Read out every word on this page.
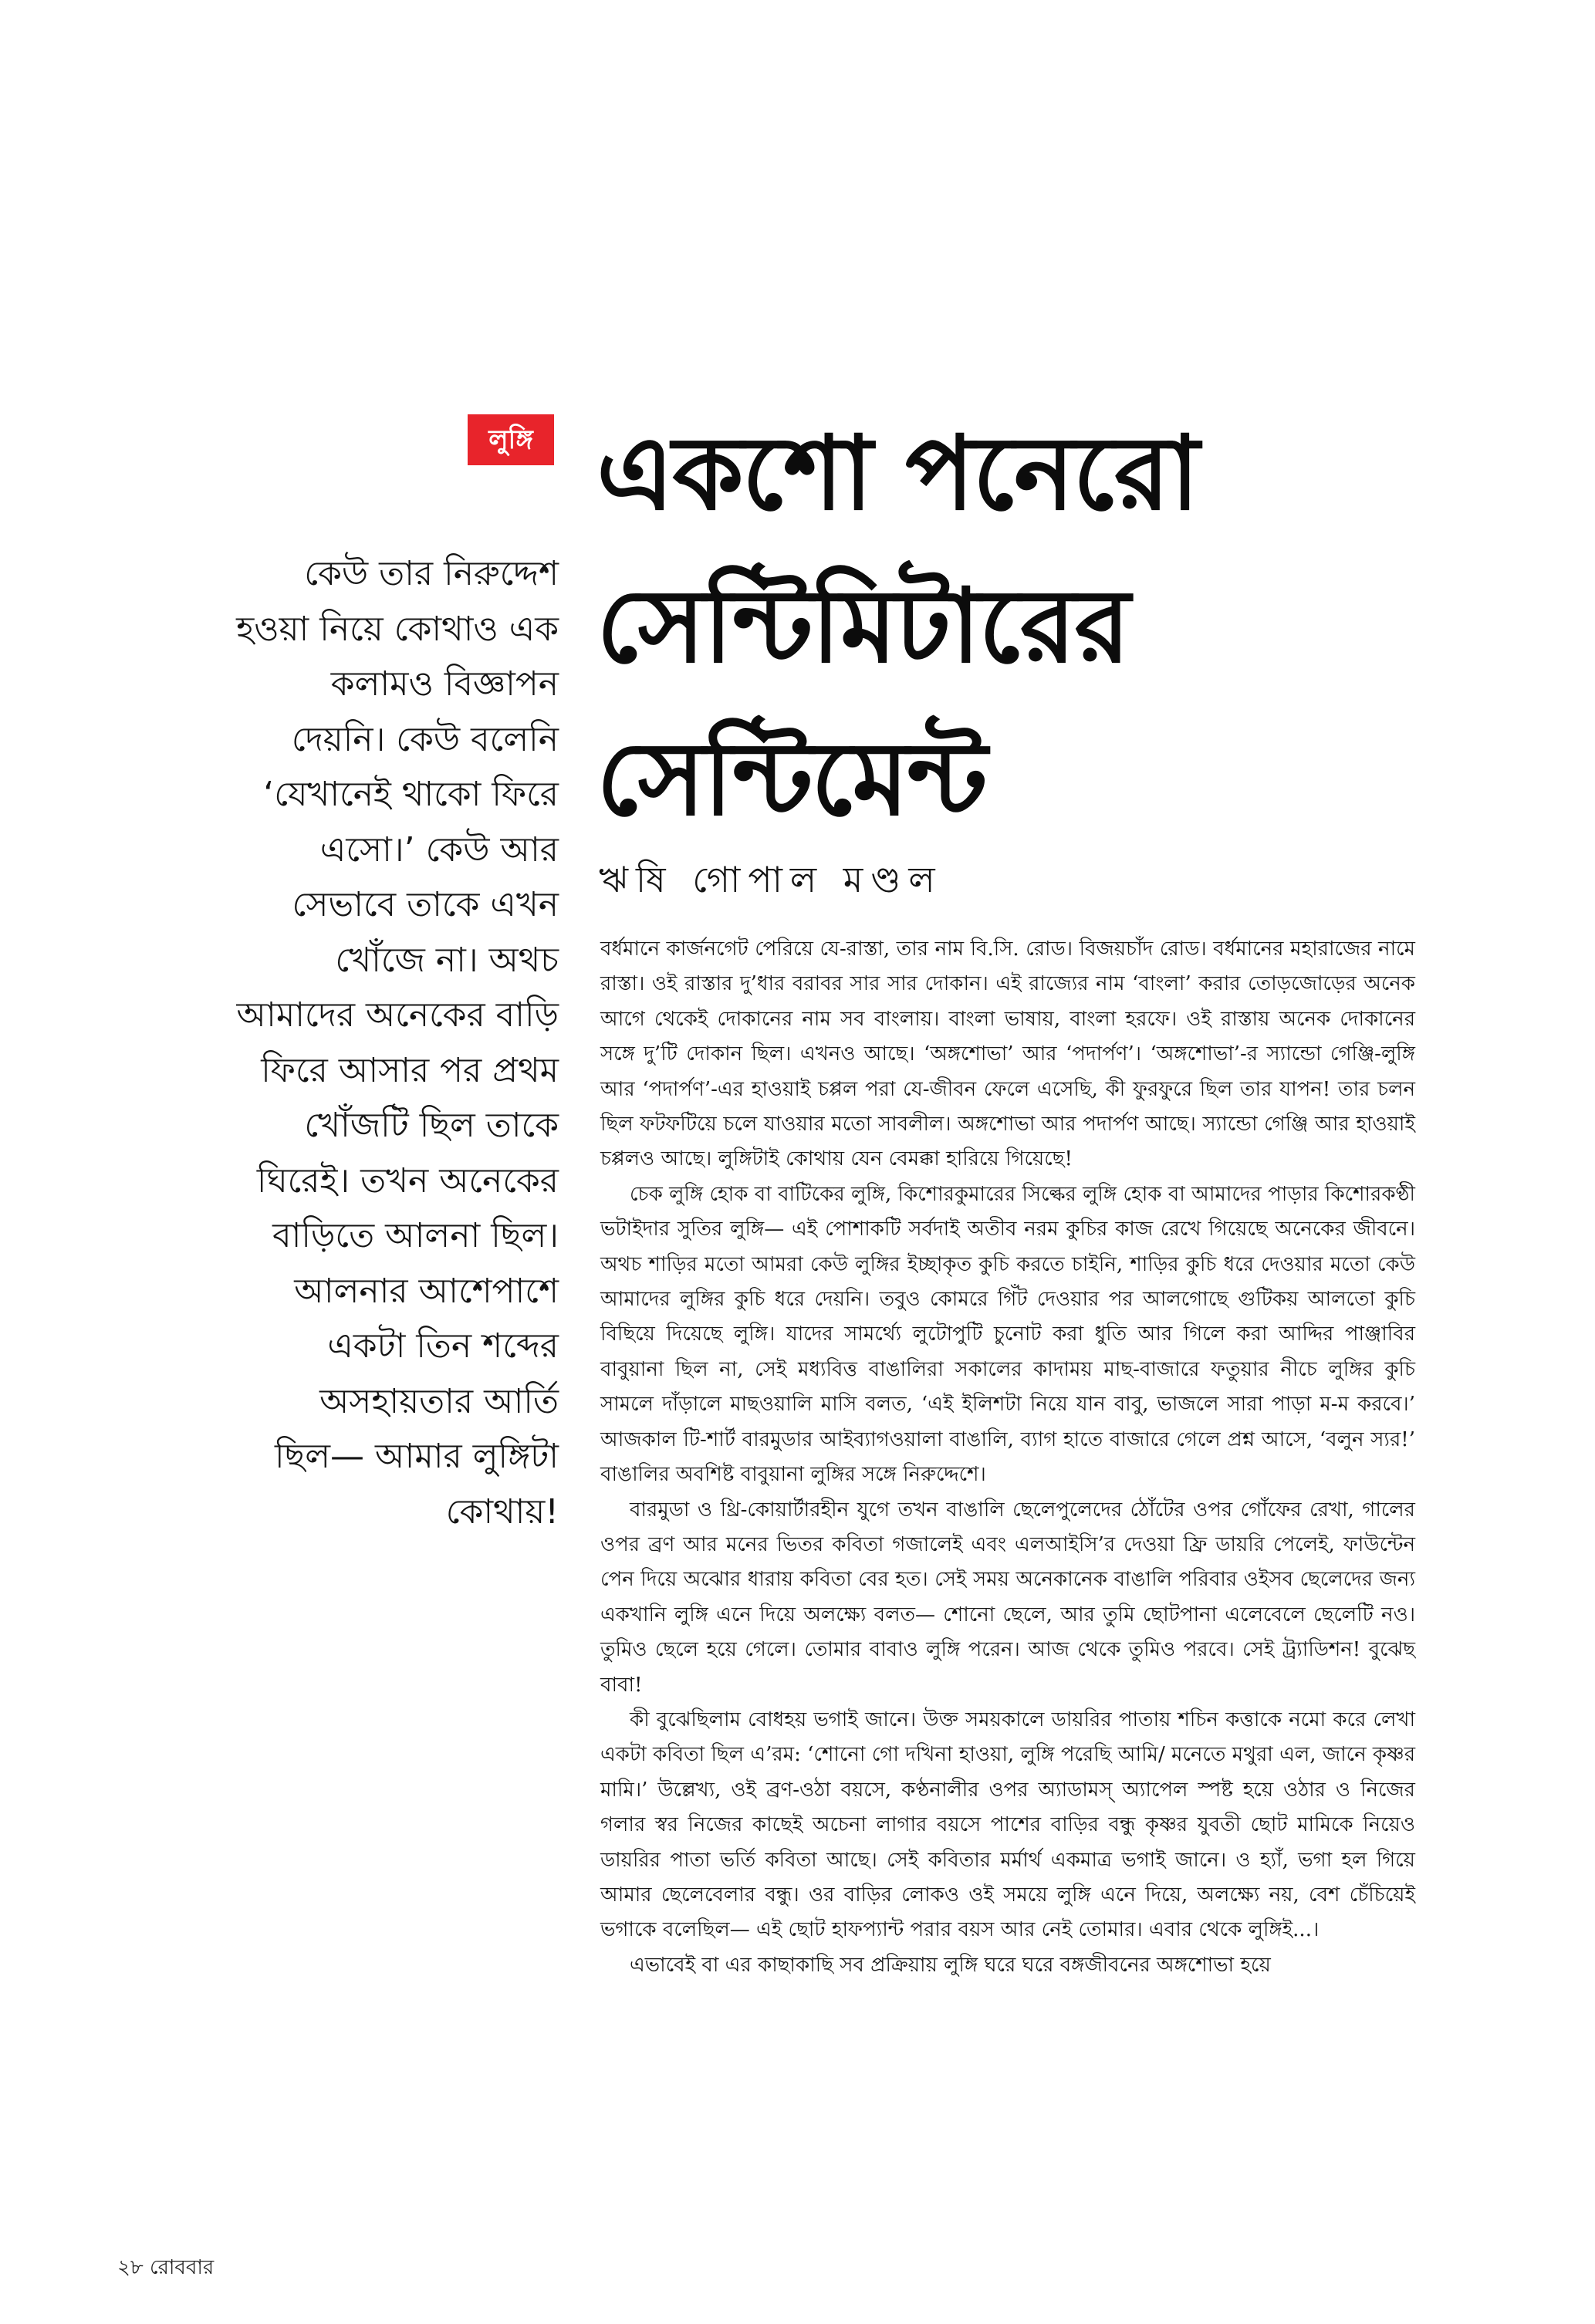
লুঙ্গি একশো পনেরো
সেন্টিমিটারের
সেন্টিমেন্ট
ঋষি গোপাল মণ্ডল

কেউ তার নিরুদ্দেশ
হওয়া নিয়ে কোথাও এক
কলামও বিজ্ঞাপন
দেয়নি। কেউ বলেনি
‘যেখানেই থাকো ফিরে
এসো।’ কেউ আর
সেভাবে তাকে এখন
খোঁজে না। অথচ
আমাদের অনেকের বাড়ি
ফিরে আসার পর প্রথম
খোঁজটি ছিল তাকে
ঘিরেই। তখন অনেকের
বাড়িতে আলনা ছিল।
আলনার আশেপাশে
একটা তিন শব্দের
অসহায়তার আর্তি
ছিল— আমার লুঙ্গিটা
কোথায়!

বর্ধমানে কার্জনগেট পেরিয়ে যে-রাস্তা, তার নাম বি.সি. রোড। বিজয়চাঁদ রোড। বর্ধমানের মহারাজের নামে রাস্তা। ওই রাস্তার দু’ধার বরাবর সার সার দোকান। এই রাজ্যের নাম ‘বাংলা’ করার তোড়জোড়ের অনেক আগে থেকেই দোকানের নাম সব বাংলায়। বাংলা ভাষায়, বাংলা হরফে। ওই রাস্তায় অনেক দোকানের সঙ্গে দু’টি দোকান ছিল। এখনও আছে। ‘অঙ্গশোভা’ আর ‘পদার্পণ’। ‘অঙ্গশোভা’-র স্যান্ডো গেঞ্জি-লুঙ্গি আর ‘পদার্পণ’-এর হাওয়াই চপ্পল পরা যে-জীবন ফেলে এসেছি, কী ফুরফুরে ছিল তার যাপন! তার চলন ছিল ফটফটিয়ে চলে যাওয়ার মতো সাবলীল। অঙ্গশোভা আর পদার্পণ আছে। স্যান্ডো গেঞ্জি আর হাওয়াই চপ্পলও আছে। লুঙ্গিটাই কোথায় যেন বেমক্কা হারিয়ে গিয়েছে!

চেক লুঙ্গি হোক বা বাটিকের লুঙ্গি, কিশোরকুমারের সিল্কের লুঙ্গি হোক বা আমাদের পাড়ার কিশোরকণ্ঠী ভটাইদার সুতির লুঙ্গি— এই পোশাকটি সর্বদাই অতীব নরম কুচির কাজ রেখে গিয়েছে অনেকের জীবনে। অথচ শাড়ির মতো আমরা কেউ লুঙ্গির ইচ্ছাকৃত কুচি করতে চাইনি, শাড়ির কুচি ধরে দেওয়ার মতো কেউ আমাদের লুঙ্গির কুচি ধরে দেয়নি। তবুও কোমরে গিঁট দেওয়ার পর আলগোছে গুটিকয় আলতো কুচি বিছিয়ে দিয়েছে লুঙ্গি। যাদের সামর্থ্যে লুটোপুটি চুনোট করা ধুতি আর গিলে করা আদ্দির পাঞ্জাবির বাবুয়ানা ছিল না, সেই মধ্যবিত্ত বাঙালিরা সকালের কাদাময় মাছ-বাজারে ফতুয়ার নীচে লুঙ্গির কুচি সামলে দাঁড়ালে মাছওয়ালি মাসি বলত, ‘এই ইলিশটা নিয়ে যান বাবু, ভাজলে সারা পাড়া ম-ম করবে।’ আজকাল টি-শার্ট বারমুডার আইব্যাগওয়ালা বাঙালি, ব্যাগ হাতে বাজারে গেলে প্রশ্ন আসে, ‘বলুন স্যর!’ বাঙালির অবশিষ্ট বাবুয়ানা লুঙ্গির সঙ্গে নিরুদ্দেশে।

বারমুডা ও থ্রি-কোয়ার্টারহীন যুগে তখন বাঙালি ছেলেপুলেদের ঠোঁটের ওপর গোঁফের রেখা, গালের ওপর ব্রণ আর মনের ভিতর কবিতা গজালেই এবং এলআইসি’র দেওয়া ফ্রি ডায়রি পেলেই, ফাউন্টেন পেন দিয়ে অঝোর ধারায় কবিতা বের হত। সেই সময় অনেকানেক বাঙালি পরিবার ওইসব ছেলেদের জন্য একখানি লুঙ্গি এনে দিয়ে অলক্ষ্যে বলত— শোনো ছেলে, আর তুমি ছোটপানা এলেবেলে ছেলেটি নও। তুমিও ছেলে হয়ে গেলে। তোমার বাবাও লুঙ্গি পরেন। আজ থেকে তুমিও পরবে। সেই ট্র্যাডিশন! বুঝেছ বাবা!

কী বুঝেছিলাম বোধহয় ভগাই জানে। উক্ত সময়কালে ডায়রির পাতায় শচিন কত্তাকে নমো করে লেখা একটা কবিতা ছিল এ’রম: ‘শোনো গো দখিনা হাওয়া, লুঙ্গি পরেছি আমি/ মনেতে মথুরা এল, জানে কৃষ্ণর মামি।’ উল্লেখ্য, ওই ব্রণ-ওঠা বয়সে, কণ্ঠনালীর ওপর অ্যাডামস্ অ্যাপেল স্পষ্ট হয়ে ওঠার ও নিজের গলার স্বর নিজের কাছেই অচেনা লাগার বয়সে পাশের বাড়ির বন্ধু কৃষ্ণর যুবতী ছোট মামিকে নিয়েও ডায়রির পাতা ভর্তি কবিতা আছে। সেই কবিতার মর্মার্থ একমাত্র ভগাই জানে। ও হ্যাঁ, ভগা হল গিয়ে আমার ছেলেবেলার বন্ধু। ওর বাড়ির লোকও ওই সময়ে লুঙ্গি এনে দিয়ে, অলক্ষ্যে নয়, বেশ চেঁচিয়েই ভগাকে বলেছিল— এই ছোট হাফপ্যান্ট পরার বয়স আর নেই তোমার। এবার থেকে লুঙ্গিই...।

এভাবেই বা এর কাছাকাছি সব প্রক্রিয়ায় লুঙ্গি ঘরে ঘরে বঙ্গজীবনের অঙ্গশোভা হয়ে

২৮ রোববার
